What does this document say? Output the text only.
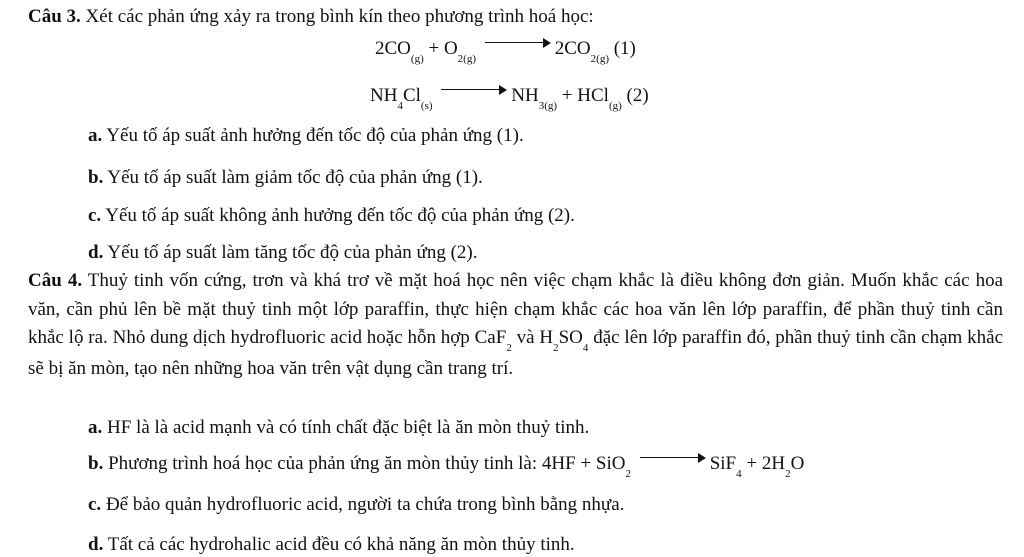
Câu 3. Xét các phản ứng xảy ra trong bình kín theo phương trình hoá học:
$2CO_{(g)} + O_{2(g)}$	$2CO_{2(g)}$ (1)
$NH_4Cl_{(s)}$	$NH_{3(g)} + HCl_{(g)}$ (2)
a. Yếu tố áp suất ảnh hưởng đến tốc độ của phản ứng (1).
b. Yếu tố áp suất làm giảm tốc độ của phản ứng (1).
c. Yếu tố áp suất không ảnh hưởng đến tốc độ của phản ứng (2).
d. Yếu tố áp suất làm tăng tốc độ của phản ứng (2).
Câu 4. Thuỷ tinh vốn cứng, trơn và khá trơ về mặt hoá học nên việc chạm khắc là điều không đơn giản. Muốn khắc các hoa văn, cần phủ lên bề mặt thuỷ tinh một lớp paraffin, thực hiện chạm khắc các hoa văn lên lớp paraffin, để phần thuỷ tinh cần khắc lộ ra. Nhỏ dung dịch hydrofluoric acid hoặc hỗn hợp CaF$_2$ và $H_2SO_4$ đặc lên lớp paraffin đó, phần thuỷ tinh cần chạm khắc sẽ bị ăn mòn, tạo nên những hoa văn trên vật dụng cần trang trí.
a. HF là là acid mạnh và có tính chất đặc biệt là ăn mòn thuỷ tinh.
b. Phương trình hoá học của phản ứng ăn mòn thủy tinh là: 4HF + SiO$_2$	$SiF_4 + 2H_2O$
c. Để bảo quản hydrofluoric acid, người ta chứa trong bình bằng nhựa.
d. Tất cả các hydrohalic acid đều có khả năng ăn mòn thủy tinh.
